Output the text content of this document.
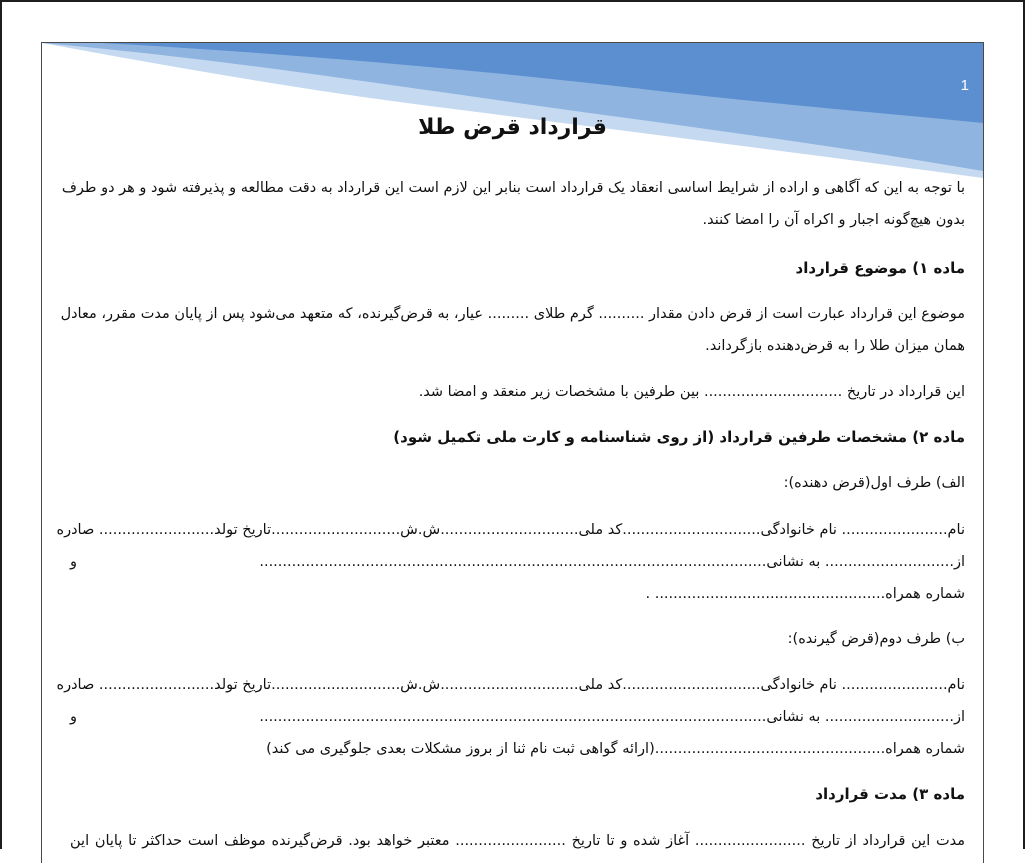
1
قرارداد قرض طلا
با توجه به این که آگاهی و اراده از شرایط اساسی انعقاد یک قرارداد است بنابر این لازم است این قرارداد به دقت مطالعه و پذیرفته شود و هر دو طرف
بدون هیچ‌گونه اجبار و اکراه آن را امضا کنند.
ماده ۱) موضوع قرارداد
موضوع این قرارداد عبارت است از قرض دادن مقدار .......... گرم طلای ......... عیار، به قرض‌گیرنده، که متعهد می‌شود پس از پایان مدت مقرر، معادل
همان میزان طلا را به قرض‌دهنده بازگرداند.
این قرارداد در تاریخ .............................. بین طرفین با مشخصات زیر منعقد و امضا شد.
ماده ۲) مشخصات طرفین قرارداد (از روی شناسنامه و کارت ملی تکمیل شود)
الف) طرف اول(قرض دهنده):
نام....................... نام خانوادگی..............................کد ملی..............................ش.ش............................
تاریخ تولد......................... صادره
از............................ به نشانی..............................................................................................................
و
شماره همراه.................................................. .
ب) طرف دوم(قرض گیرنده):
نام....................... نام خانوادگی..............................کد ملی..............................ش.ش............................
تاریخ تولد......................... صادره
از............................ به نشانی..............................................................................................................
و
شماره همراه..................................................(ارائه گواهی ثبت نام ثنا از بروز مشکلات بعدی جلوگیری می کند)
ماده ۳) مدت قرارداد
مدت این قرارداد از تاریخ ........................ آغاز شده و تا تاریخ ........................ معتبر خواهد بود. قرض‌گیرنده موظف است حداکثر تا پایان این
